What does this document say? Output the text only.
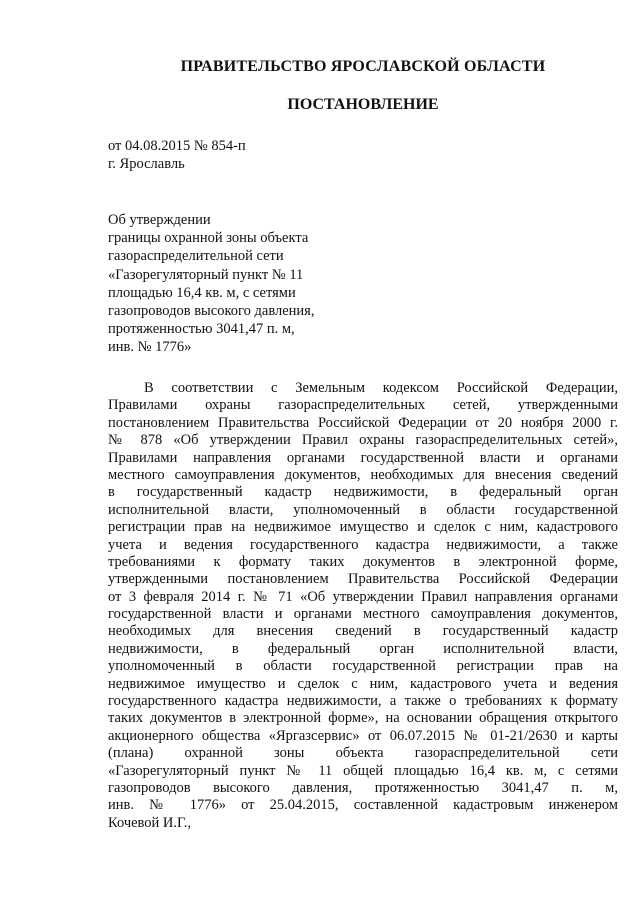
ПРАВИТЕЛЬСТВО ЯРОСЛАВСКОЙ ОБЛАСТИ
ПОСТАНОВЛЕНИЕ
от 04.08.2015 № 854-п
г. Ярославль
Об утверждении
границы охранной зоны объекта
газораспределительной сети
«Газорегуляторный пункт № 11
площадью 16,4 кв. м, с сетями
газопроводов высокого давления,
протяженностью 3041,47 п. м,
инв. № 1776»
В соответствии с Земельным кодексом Российской Федерации,
Правилами охраны газораспределительных сетей, утвержденными
постановлением Правительства Российской Федерации от 20 ноября 2000 г.
№ 878 «Об утверждении Правил охраны газораспределительных сетей»,
Правилами направления органами государственной власти и органами
местного самоуправления документов, необходимых для внесения сведений
в государственный кадастр недвижимости, в федеральный орган
исполнительной власти, уполномоченный в области государственной
регистрации прав на недвижимое имущество и сделок с ним, кадастрового
учета и ведения государственного кадастра недвижимости, а также
требованиями к формату таких документов в электронной форме,
утвержденными постановлением Правительства Российской Федерации
от 3 февраля 2014 г. № 71 «Об утверждении Правил направления органами
государственной власти и органами местного самоуправления документов,
необходимых для внесения сведений в государственный кадастр
недвижимости, в федеральный орган исполнительной власти,
уполномоченный в области государственной регистрации прав на
недвижимое имущество и сделок с ним, кадастрового учета и ведения
государственного кадастра недвижимости, а также о требованиях к формату
таких документов в электронной форме», на основании обращения открытого
акционерного общества «Яргазсервис» от 06.07.2015 № 01-21/2630 и карты
(плана) охранной зоны объекта газораспределительной сети
«Газорегуляторный пункт № 11 общей площадью 16,4 кв. м, с сетями
газопроводов высокого давления, протяженностью 3041,47 п. м,
инв. № 1776» от 25.04.2015, составленной кадастровым инженером
Кочевой И.Г.,
